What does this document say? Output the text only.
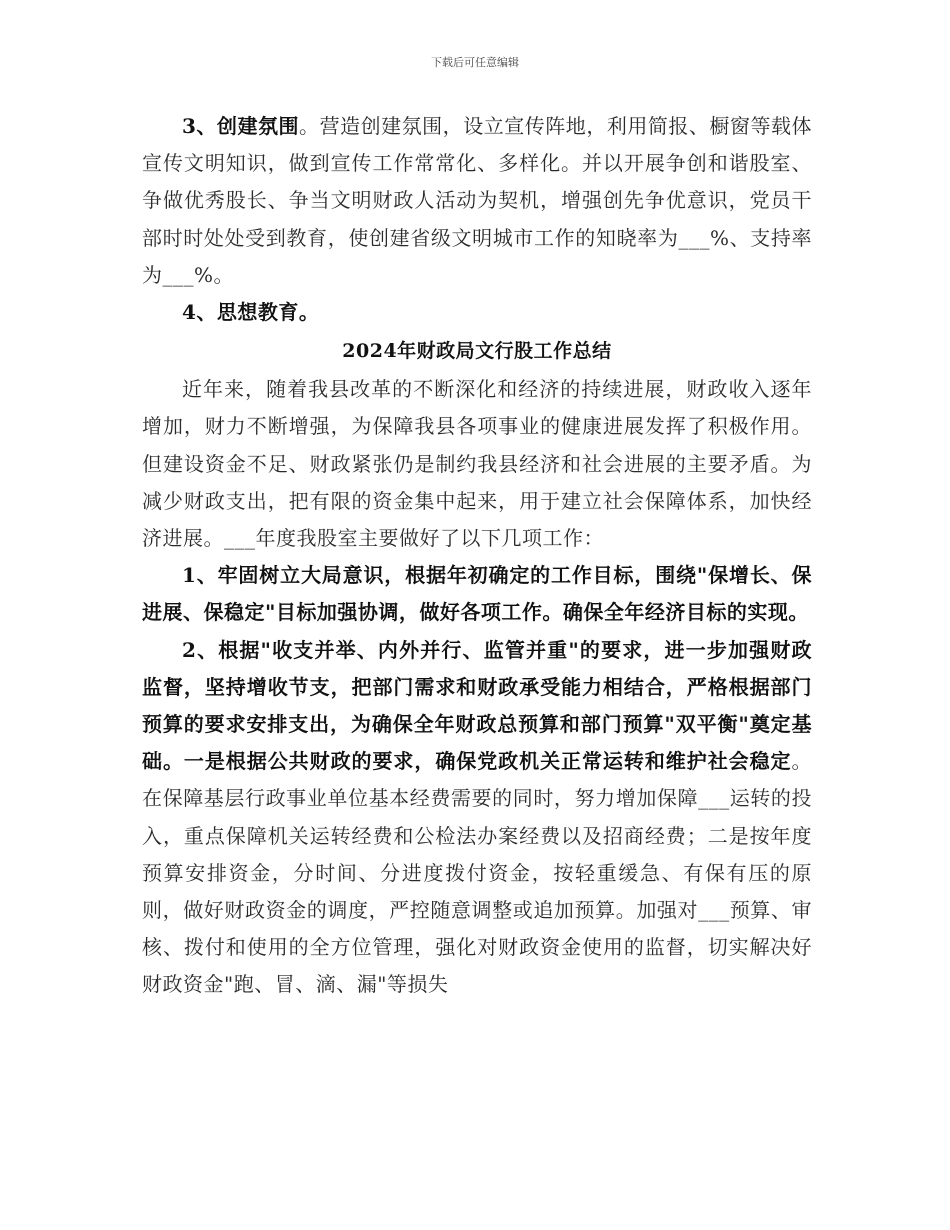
下载后可任意编辑

3、创建氛围。营造创建氛围，设立宣传阵地，利用简报、橱窗等载体宣传文明知识，做到宣传工作常常化、多样化。并以开展争创和谐股室、争做优秀股长、争当文明财政人活动为契机，增强创先争优意识，党员干部时时处处受到教育，使创建省级文明城市工作的知晓率为___%、支持率为___%。

4、思想教育。

2024年财政局文行股工作总结

近年来，随着我县改革的不断深化和经济的持续进展，财政收入逐年增加，财力不断增强，为保障我县各项事业的健康进展发挥了积极作用。但建设资金不足、财政紧张仍是制约我县经济和社会进展的主要矛盾。为减少财政支出，把有限的资金集中起来，用于建立社会保障体系，加快经济进展。___年度我股室主要做好了以下几项工作：

1、牢固树立大局意识，根据年初确定的工作目标，围绕"保增长、保进展、保稳定"目标加强协调，做好各项工作。确保全年经济目标的实现。

2、根据"收支并举、内外并行、监管并重"的要求，进一步加强财政监督，坚持增收节支，把部门需求和财政承受能力相结合，严格根据部门预算的要求安排支出，为确保全年财政总预算和部门预算"双平衡"奠定基础。一是根据公共财政的要求，确保党政机关正常运转和维护社会稳定。在保障基层行政事业单位基本经费需要的同时，努力增加保障___运转的投入，重点保障机关运转经费和公检法办案经费以及招商经费；二是按年度预算安排资金，分时间、分进度拨付资金，按轻重缓急、有保有压的原则，做好财政资金的调度，严控随意调整或追加预算。加强对___预算、审核、拨付和使用的全方位管理，强化对财政资金使用的监督，切实解决好财政资金"跑、冒、滴、漏"等损失
